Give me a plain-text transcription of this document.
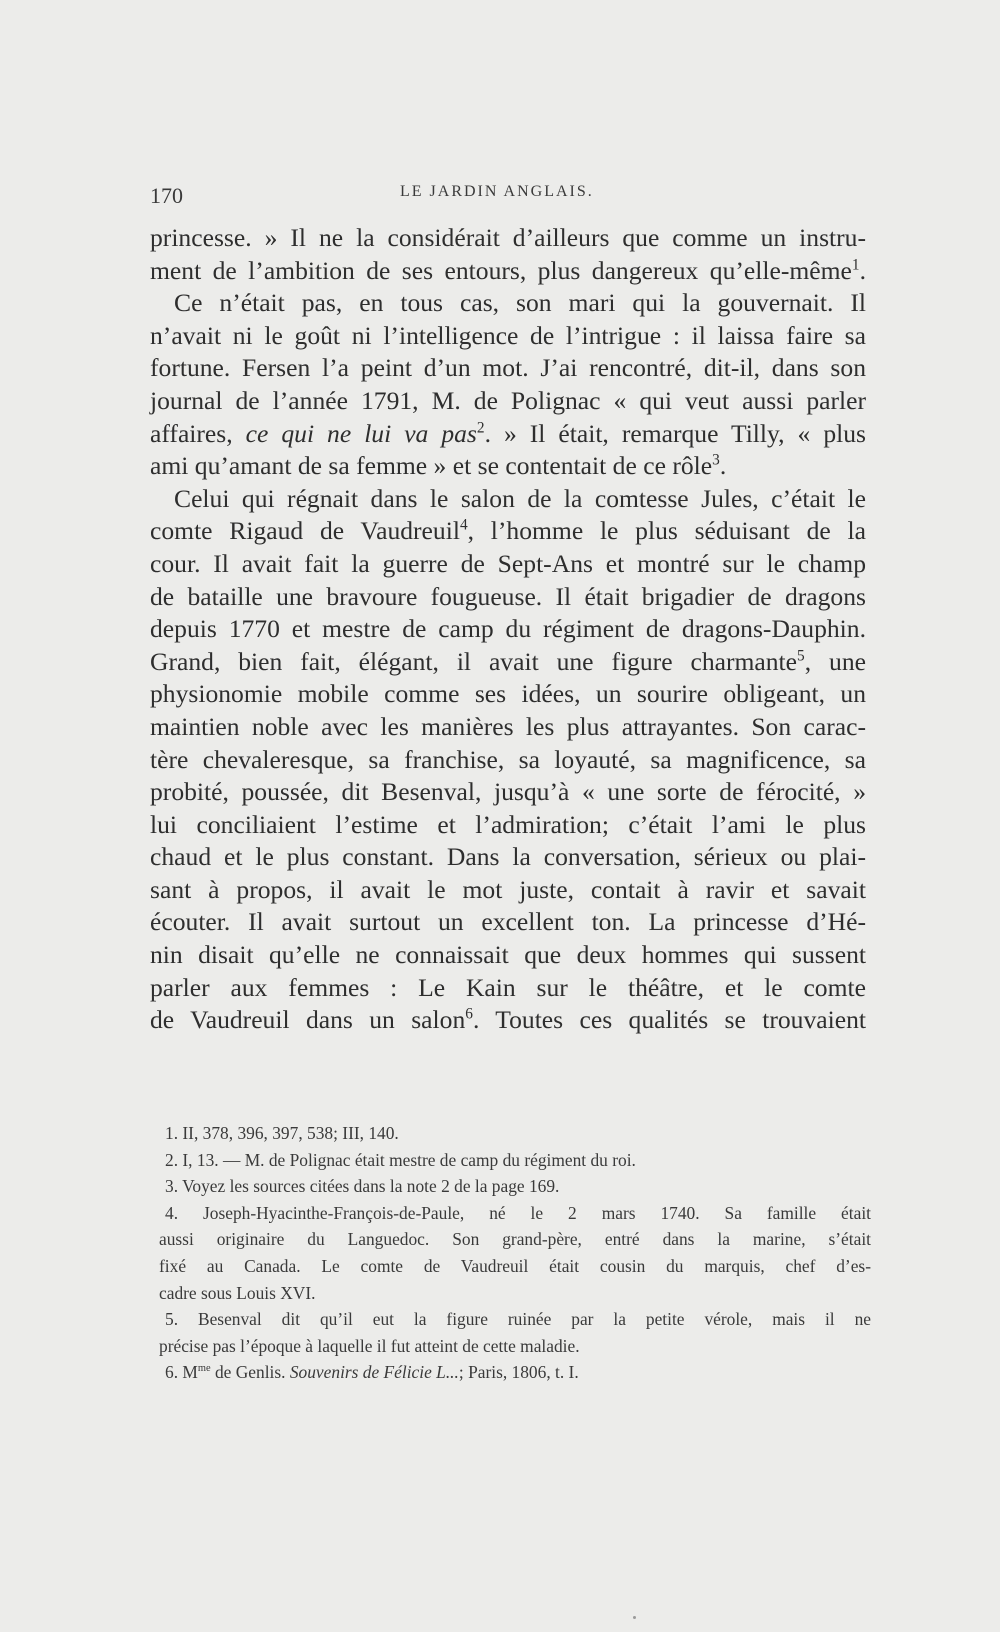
170	LE JARDIN ANGLAIS.
princesse. » Il ne la considérait d’ailleurs que comme un instru-
ment de l’ambition de ses entours, plus dangereux qu’elle-même$^1$.
Ce n’était pas, en tous cas, son mari qui la gouvernait. Il
n’avait ni le goût ni l’intelligence de l’intrigue : il laissa faire sa
fortune. Fersen l’a peint d’un mot. J’ai rencontré, dit-il, dans son
journal de l’année 1791, M. de Polignac « qui veut aussi parler
affaires, ce qui ne lui va pas$^2$. » Il était, remarque Tilly, « plus
ami qu’amant de sa femme » et se contentait de ce rôle$^3$.
Celui qui régnait dans le salon de la comtesse Jules, c’était le
comte Rigaud de Vaudreuil$^4$, l’homme le plus séduisant de la
cour. Il avait fait la guerre de Sept-Ans et montré sur le champ
de bataille une bravoure fougueuse. Il était brigadier de dragons
depuis 1770 et mestre de camp du régiment de dragons-Dauphin.
Grand, bien fait, élégant, il avait une figure charmante$^5$, une
physionomie mobile comme ses idées, un sourire obligeant, un
maintien noble avec les manières les plus attrayantes. Son carac-
tère chevaleresque, sa franchise, sa loyauté, sa magnificence, sa
probité, poussée, dit Besenval, jusqu’à « une sorte de férocité, »
lui conciliaient l’estime et l’admiration; c’était l’ami le plus
chaud et le plus constant. Dans la conversation, sérieux ou plai-
sant à propos, il avait le mot juste, contait à ravir et savait
écouter. Il avait surtout un excellent ton. La princesse d’Hé-
nin disait qu’elle ne connaissait que deux hommes qui sussent
parler aux femmes : Le Kain sur le théâtre, et le comte
de Vaudreuil dans un salon$^6$. Toutes ces qualités se trouvaient
1. II, 378, 396, 397, 538; III, 140.
2. I, 13. — M. de Polignac était mestre de camp du régiment du roi.
3. Voyez les sources citées dans la note 2 de la page 169.
4. Joseph-Hyacinthe-François-de-Paule, né le 2 mars 1740. Sa famille était
aussi originaire du Languedoc. Son grand-père, entré dans la marine, s’était
fixé au Canada. Le comte de Vaudreuil était cousin du marquis, chef d’es-
cadre sous Louis XVI.
5. Besenval dit qu’il eut la figure ruinée par la petite vérole, mais il ne
précise pas l’époque à laquelle il fut atteint de cette maladie.
6. $M^{me}$ de Genlis. Souvenirs de Félicie L...; Paris, 1806, t. I.
